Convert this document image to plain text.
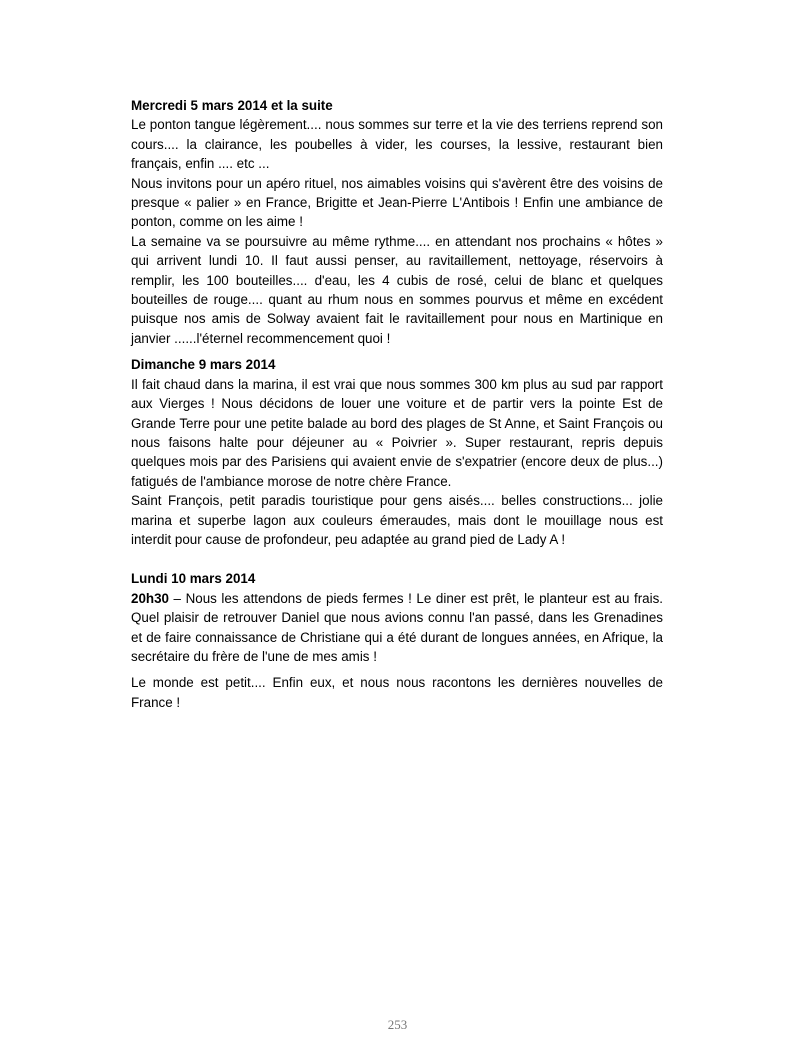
Mercredi 5 mars 2014 et la suite

Le ponton tangue légèrement.... nous sommes sur terre et la vie des terriens reprend son cours.... la clairance, les poubelles à vider, les courses, la lessive, restaurant bien français, enfin .... etc ...

Nous invitons pour un apéro rituel, nos aimables voisins qui s'avèrent être des voisins de presque « palier » en France, Brigitte et Jean-Pierre L'Antibois ! Enfin une ambiance de ponton, comme on les aime !

La semaine va se poursuivre au même rythme.... en attendant nos prochains « hôtes » qui arrivent lundi 10. Il faut aussi penser, au ravitaillement, nettoyage, réservoirs à remplir, les 100 bouteilles.... d'eau, les 4 cubis de rosé, celui de blanc et quelques bouteilles de rouge.... quant au rhum nous en sommes pourvus et même en excédent puisque nos amis de Solway avaient fait le ravitaillement pour nous en Martinique en janvier ......l'éternel recommencement quoi !

Dimanche 9 mars 2014

Il fait chaud dans la marina, il est vrai que nous sommes 300 km plus au sud par rapport aux Vierges ! Nous décidons de louer une voiture et de partir vers la pointe Est de Grande Terre pour une petite balade au bord des plages de St Anne, et Saint François ou nous faisons halte pour déjeuner au « Poivrier ». Super restaurant, repris depuis quelques mois par des Parisiens qui avaient envie de s'expatrier (encore deux de plus...) fatigués de l'ambiance morose de notre chère France.

Saint François, petit paradis touristique pour gens aisés.... belles constructions... jolie marina et superbe lagon aux couleurs émeraudes, mais dont le mouillage nous est interdit pour cause de profondeur, peu adaptée au grand pied de Lady A !

Lundi 10 mars 2014

20h30 – Nous les attendons de pieds fermes ! Le diner est prêt, le planteur est au frais. Quel plaisir de retrouver Daniel que nous avions connu l'an passé, dans les Grenadines et de faire connaissance de Christiane qui a été durant de longues années, en Afrique, la secrétaire du frère de l'une de mes amis !

Le monde est petit.... Enfin eux, et nous nous racontons les dernières nouvelles de France !

253
